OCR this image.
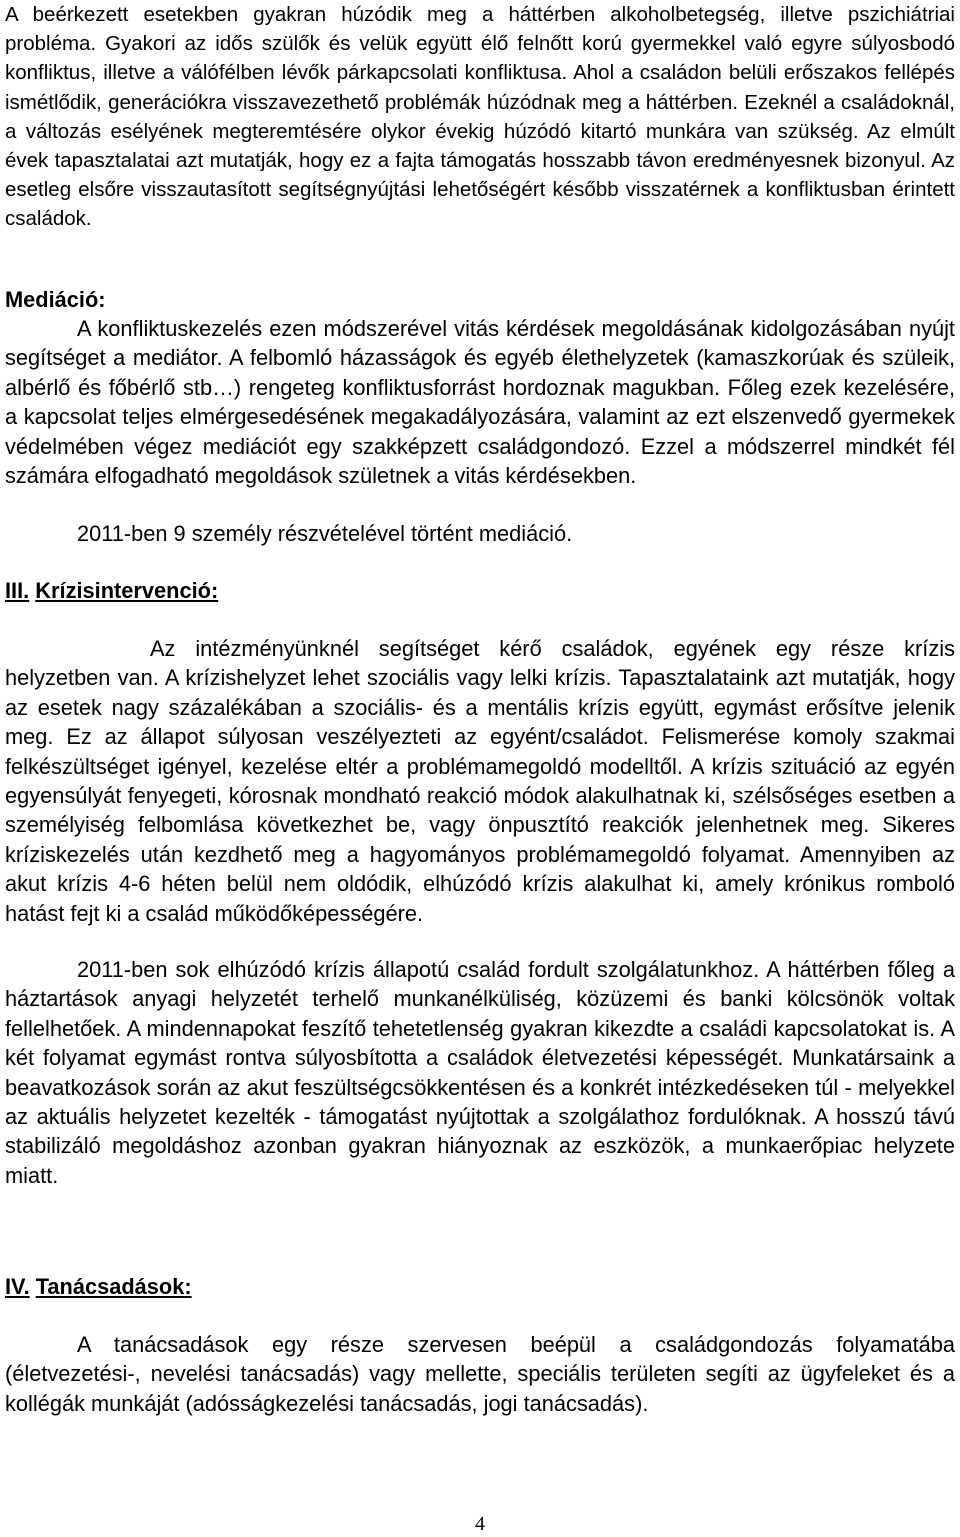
A beérkezett esetekben gyakran húzódik meg a háttérben alkoholbetegség, illetve pszichiátriai probléma. Gyakori az idős szülők és velük együtt élő felnőtt korú gyermekkel való egyre súlyosbodó konfliktus, illetve a válófélben lévők párkapcsolati konfliktusa. Ahol a családon belüli erőszakos fellépés ismétlődik, generációkra visszavezethető problémák húzódnak meg a háttérben. Ezeknél a családoknál, a változás esélyének megteremtésére olykor évekig húzódó kitartó munkára van szükség. Az elmúlt évek tapasztalatai azt mutatják, hogy ez a fajta támogatás hosszabb távon eredményesnek bizonyul. Az esetleg elsőre visszautasított segítségnyújtási lehetőségért később visszatérnek a konfliktusban érintett családok.

Mediáció:

A konfliktuskezelés ezen módszerével vitás kérdések megoldásának kidolgozásában nyújt segítséget a mediátor. A felbomló házasságok és egyéb élethelyzetek (kamaszkorúak és szüleik, albérlő és főbérlő stb…) rengeteg konfliktusforrást hordoznak magukban. Főleg ezek kezelésére, a kapcsolat teljes elmérgesedésének megakadályozására, valamint az ezt elszenvedő gyermekek védelmében végez mediációt egy szakképzett családgondozó. Ezzel a módszerrel mindkét fél számára elfogadható megoldások születnek a vitás kérdésekben.

2011-ben 9 személy részvételével történt mediáció.

III. Krízisintervenció:

Az intézményünknél segítséget kérő családok, egyének egy része krízis helyzetben van. A krízishelyzet lehet szociális vagy lelki krízis. Tapasztalataink azt mutatják, hogy az esetek nagy százalékában a szociális- és a mentális krízis együtt, egymást erősítve jelenik meg. Ez az állapot súlyosan veszélyezteti az egyént/családot. Felismerése komoly szakmai felkészültséget igényel, kezelése eltér a problémamegoldó modelltől. A krízis szituáció az egyén egyensúlyát fenyegeti, kórosnak mondható reakció módok alakulhatnak ki, szélsőséges esetben a személyiség felbomlása következhet be, vagy önpusztító reakciók jelenhetnek meg. Sikeres kríziskezelés után kezdhető meg a hagyományos problémamegoldó folyamat. Amennyiben az akut krízis 4-6 héten belül nem oldódik, elhúzódó krízis alakulhat ki, amely krónikus romboló hatást fejt ki a család működőképességére.

2011-ben sok elhúzódó krízis állapotú család fordult szolgálatunkhoz. A háttérben főleg a háztartások anyagi helyzetét terhelő munkanélküliség, közüzemi és banki kölcsönök voltak fellelhetőek. A mindennapokat feszítő tehetetlenség gyakran kikezdte a családi kapcsolatokat is. A két folyamat egymást rontva súlyosbította a családok életvezetési képességét. Munkatársaink a beavatkozások során az akut feszültségcsökkentésen és a konkrét intézkedéseken túl - melyekkel az aktuális helyzetet kezelték - támogatást nyújtottak a szolgálathoz fordulóknak. A hosszú távú stabilizáló megoldáshoz azonban gyakran hiányoznak az eszközök, a munkaerőpiac helyzete miatt.

IV. Tanácsadások:

A tanácsadások egy része szervesen beépül a családgondozás folyamatába (életvezetési-, nevelési tanácsadás) vagy mellette, speciális területen segíti az ügyfeleket és a kollégák munkáját (adósságkezelési tanácsadás, jogi tanácsadás).

4
